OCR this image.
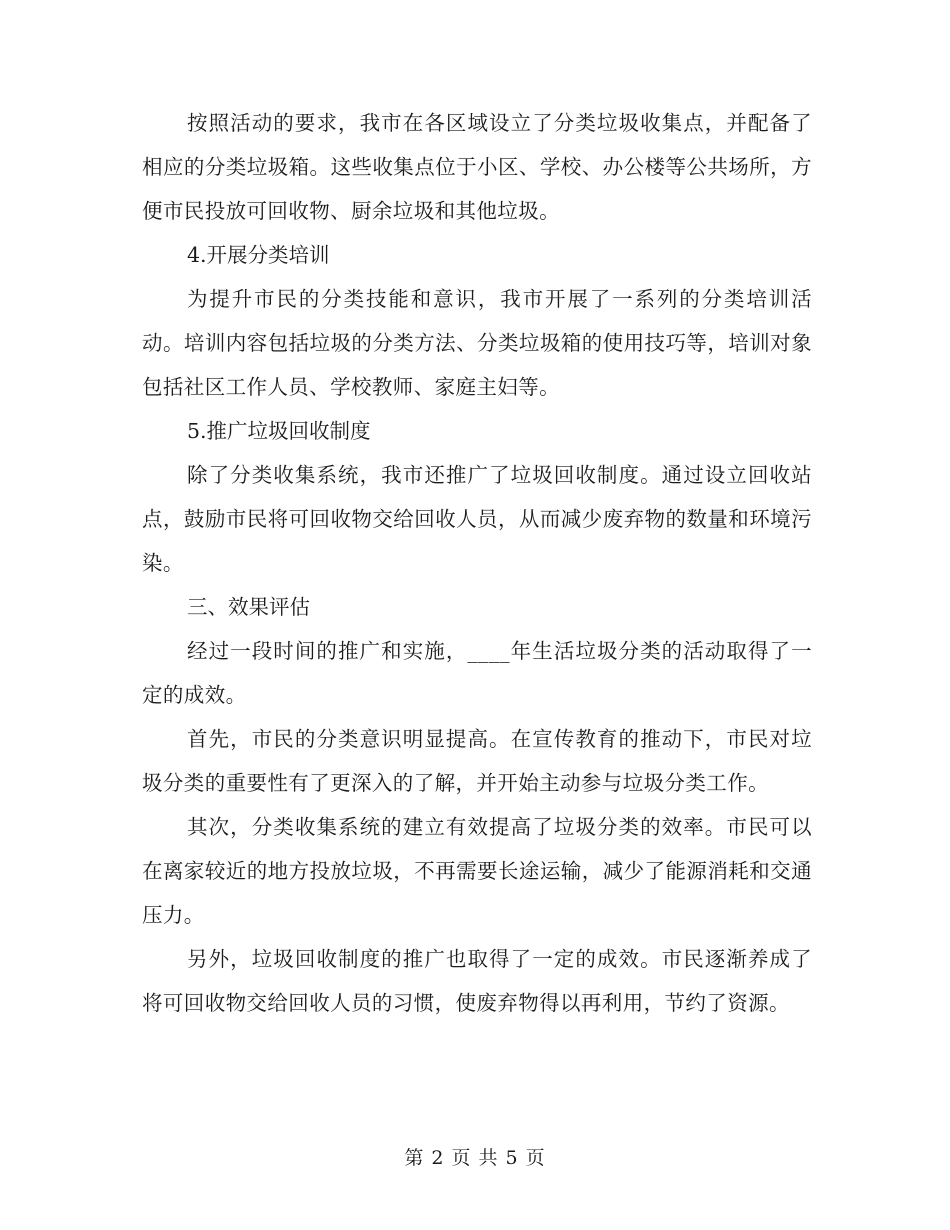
按照活动的要求，我市在各区域设立了分类垃圾收集点，并配备了相应的分类垃圾箱。这些收集点位于小区、学校、办公楼等公共场所，方便市民投放可回收物、厨余垃圾和其他垃圾。

4.开展分类培训

为提升市民的分类技能和意识，我市开展了一系列的分类培训活动。培训内容包括垃圾的分类方法、分类垃圾箱的使用技巧等，培训对象包括社区工作人员、学校教师、家庭主妇等。

5.推广垃圾回收制度

除了分类收集系统，我市还推广了垃圾回收制度。通过设立回收站点，鼓励市民将可回收物交给回收人员，从而减少废弃物的数量和环境污染。

三、效果评估

经过一段时间的推广和实施，____年生活垃圾分类的活动取得了一定的成效。

首先，市民的分类意识明显提高。在宣传教育的推动下，市民对垃圾分类的重要性有了更深入的了解，并开始主动参与垃圾分类工作。

其次，分类收集系统的建立有效提高了垃圾分类的效率。市民可以在离家较近的地方投放垃圾，不再需要长途运输，减少了能源消耗和交通压力。

另外，垃圾回收制度的推广也取得了一定的成效。市民逐渐养成了将可回收物交给回收人员的习惯，使废弃物得以再利用，节约了资源。

第 2 页 共 5 页
